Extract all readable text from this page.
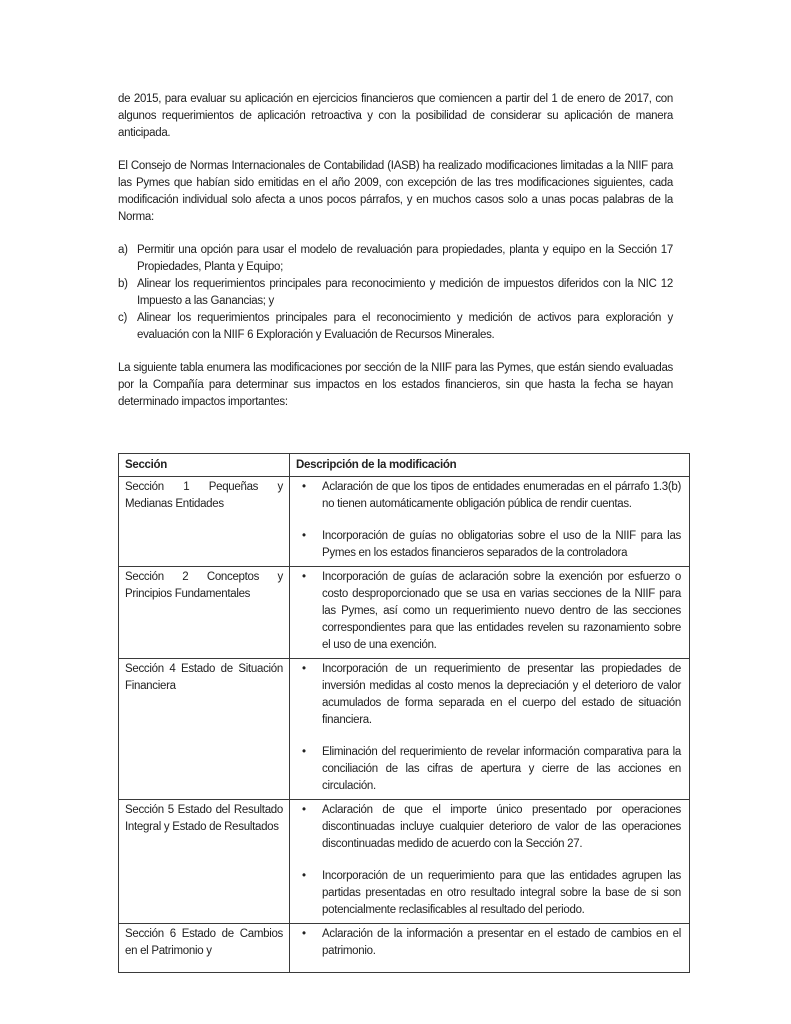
de 2015, para evaluar su aplicación en ejercicios financieros que comiencen a partir del 1 de enero de 2017, con algunos requerimientos de aplicación retroactiva y con la posibilidad de considerar su aplicación de manera anticipada.

El Consejo de Normas Internacionales de Contabilidad (IASB) ha realizado modificaciones limitadas a la NIIF para las Pymes que habían sido emitidas en el año 2009, con excepción de las tres modificaciones siguientes, cada modificación individual solo afecta a unos pocos párrafos, y en muchos casos solo a unas pocas palabras de la Norma:

a) Permitir una opción para usar el modelo de revaluación para propiedades, planta y equipo en la Sección 17 Propiedades, Planta y Equipo;
b) Alinear los requerimientos principales para reconocimiento y medición de impuestos diferidos con la NIC 12 Impuesto a las Ganancias; y
c) Alinear los requerimientos principales para el reconocimiento y medición de activos para exploración y evaluación con la NIIF 6 Exploración y Evaluación de Recursos Minerales.

La siguiente tabla enumera las modificaciones por sección de la NIIF para las Pymes, que están siendo evaluadas por la Compañía para determinar sus impactos en los estados financieros, sin que hasta la fecha se hayan determinado impactos importantes:

Sección	Descripción de la modificación
Sección 1 Pequeñas y Medianas Entidades	• Aclaración de que los tipos de entidades enumeradas en el párrafo 1.3(b) no tienen automáticamente obligación pública de rendir cuentas.
• Incorporación de guías no obligatorias sobre el uso de la NIIF para las Pymes en los estados financieros separados de la controladora

Sección 2 Conceptos y Principios Fundamentales	• Incorporación de guías de aclaración sobre la exención por esfuerzo o costo desproporcionado que se usa en varias secciones de la NIIF para las Pymes, así como un requerimiento nuevo dentro de las secciones correspondientes para que las entidades revelen su razonamiento sobre el uso de una exención.

Sección 4 Estado de Situación Financiera	• Incorporación de un requerimiento de presentar las propiedades de inversión medidas al costo menos la depreciación y el deterioro de valor acumulados de forma separada en el cuerpo del estado de situación financiera.
• Eliminación del requerimiento de revelar información comparativa para la conciliación de las cifras de apertura y cierre de las acciones en circulación.

Sección 5 Estado del Resultado Integral y Estado de Resultados	• Aclaración de que el importe único presentado por operaciones discontinuadas incluye cualquier deterioro de valor de las operaciones discontinuadas medido de acuerdo con la Sección 27.
• Incorporación de un requerimiento para que las entidades agrupen las partidas presentadas en otro resultado integral sobre la base de si son potencialmente reclasificables al resultado del periodo.

Sección 6 Estado de Cambios en el Patrimonio y	• Aclaración de la información a presentar en el estado de cambios en el patrimonio.
